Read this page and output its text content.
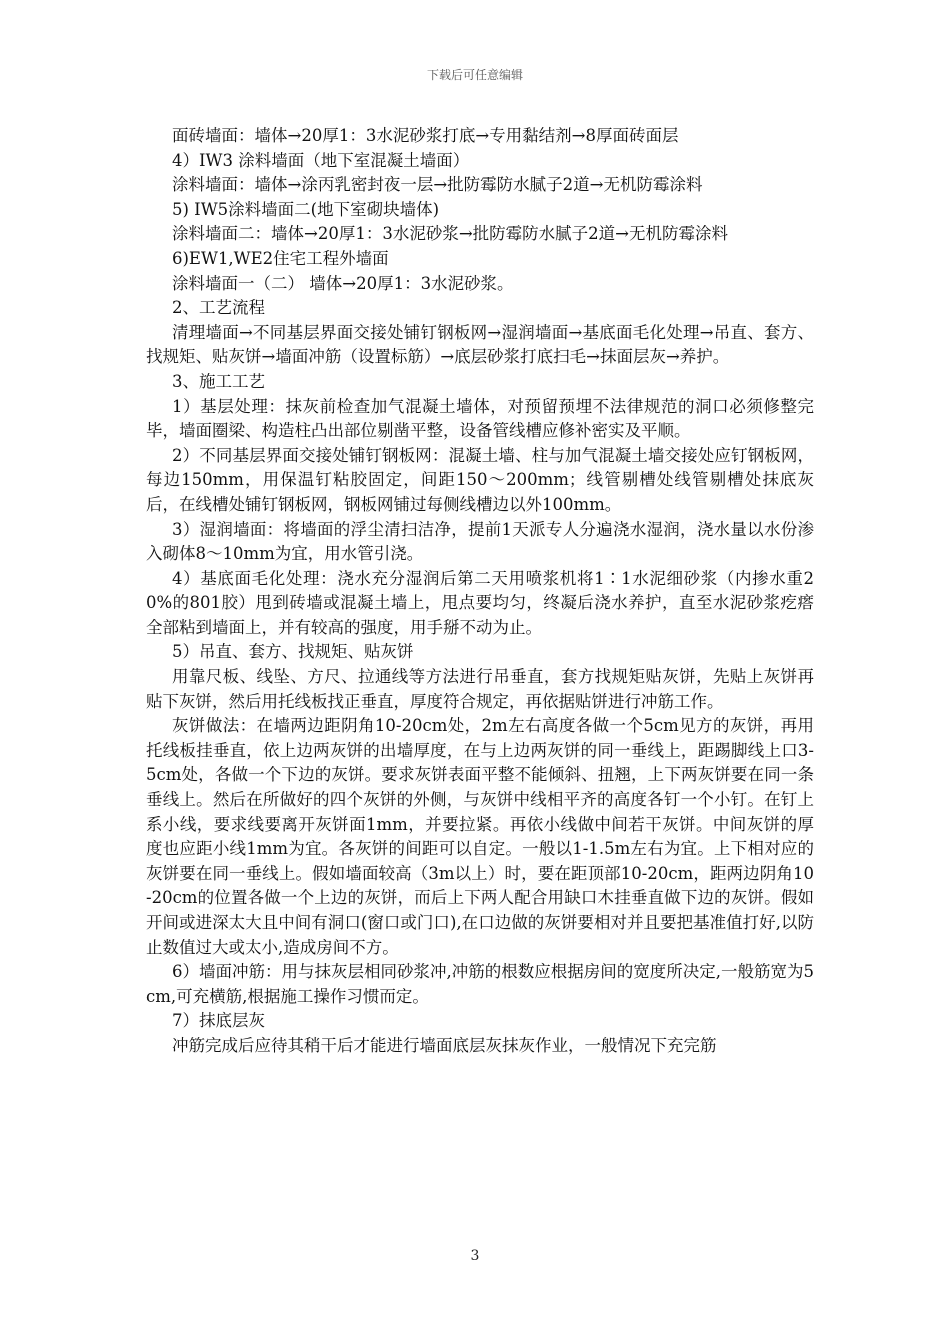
下载后可任意编辑

面砖墙面：墙体→20厚1：3水泥砂浆打底→专用黏结剂→8厚面砖面层

4）IW3 涂料墙面（地下室混凝土墙面）

涂料墙面：墙体→涂丙乳密封夜一层→批防霉防水腻子2道→无机防霉涂料

5) IW5涂料墙面二(地下室砌块墙体)

涂料墙面二：墙体→20厚1：3水泥砂浆→批防霉防水腻子2道→无机防霉涂料

6)EW1,WE2住宅工程外墙面

涂料墙面一（二） 墙体→20厚1：3水泥砂浆。

2、工艺流程

清理墙面→不同基层界面交接处铺钉钢板网→湿润墙面→基底面毛化处理→吊直、套方、找规矩、贴灰饼→墙面冲筋（设置标筋）→底层砂浆打底扫毛→抹面层灰→养护。

3、施工工艺

1）基层处理：抹灰前检查加气混凝土墙体，对预留预埋不法律规范的洞口必须修整完毕，墙面圈梁、构造柱凸出部位剔凿平整，设备管线槽应修补密实及平顺。

2）不同基层界面交接处铺钉钢板网：混凝土墙、柱与加气混凝土墙交接处应钉钢板网，每边150mm，用保温钉粘胶固定，间距150～200mm；线管剔槽处线管剔槽处抹底灰后，在线槽处铺钉钢板网，钢板网铺过每侧线槽边以外100mm。

3）湿润墙面：将墙面的浮尘清扫洁净，提前1天派专人分遍浇水湿润，浇水量以水份渗入砌体8～10mm为宜，用水管引浇。

4）基底面毛化处理：浇水充分湿润后第二天用喷浆机将1∶1水泥细砂浆（内掺水重20%的801胶）甩到砖墙或混凝土墙上，甩点要均匀，终凝后浇水养护，直至水泥砂浆疙瘩全部粘到墙面上，并有较高的强度，用手掰不动为止。

5）吊直、套方、找规矩、贴灰饼

用靠尺板、线坠、方尺、拉通线等方法进行吊垂直，套方找规矩贴灰饼，先贴上灰饼再贴下灰饼，然后用托线板找正垂直，厚度符合规定，再依据贴饼进行冲筋工作。

灰饼做法：在墙两边距阴角10-20cm处，2m左右高度各做一个5cm见方的灰饼，再用托线板挂垂直，依上边两灰饼的出墙厚度，在与上边两灰饼的同一垂线上，距踢脚线上口3-5cm处，各做一个下边的灰饼。要求灰饼表面平整不能倾斜、扭翘，上下两灰饼要在同一条垂线上。然后在所做好的四个灰饼的外侧，与灰饼中线相平齐的高度各钉一个小钉。在钉上系小线，要求线要离开灰饼面1mm，并要拉紧。再依小线做中间若干灰饼。中间灰饼的厚度也应距小线1mm为宜。各灰饼的间距可以自定。一般以1-1.5m左右为宜。上下相对应的灰饼要在同一垂线上。假如墙面较高（3m以上）时，要在距顶部10-20cm，距两边阴角10-20cm的位置各做一个上边的灰饼，而后上下两人配合用缺口木挂垂直做下边的灰饼。假如开间或进深太大且中间有洞口(窗口或门口),在口边做的灰饼要相对并且要把基准值打好,以防止数值过大或太小,造成房间不方。

6）墙面冲筋：用与抹灰层相同砂浆冲,冲筋的根数应根据房间的宽度所决定,一般筋宽为5cm,可充横筋,根据施工操作习惯而定。

7）抹底层灰

冲筋完成后应待其稍干后才能进行墙面底层灰抹灰作业，一般情况下充完筋

3
